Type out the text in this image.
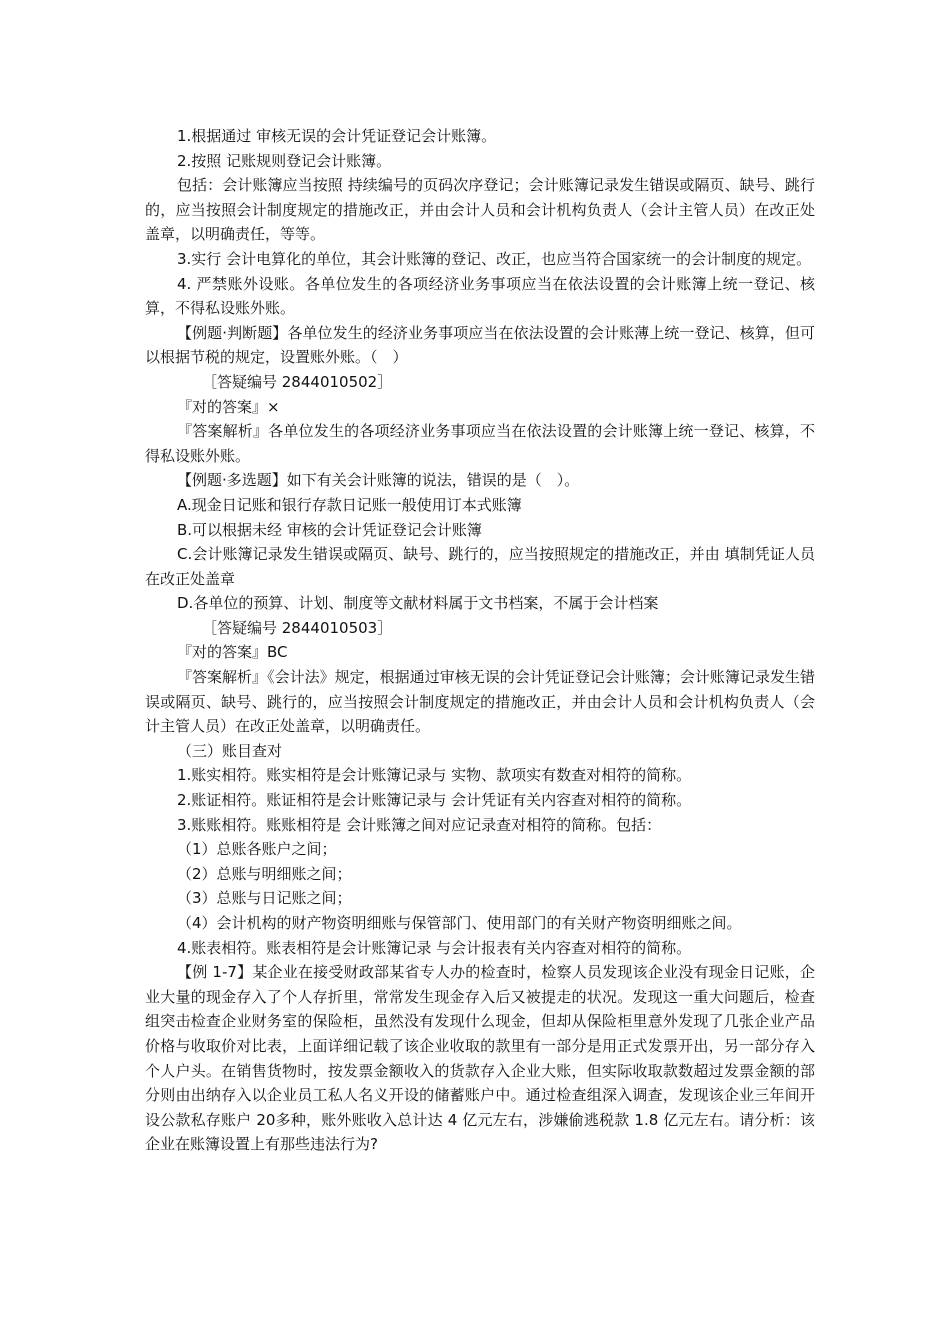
1.根据通过 审核无误的会计凭证登记会计账簿。

2.按照 记账规则登记会计账簿。

包括：会计账簿应当按照 持续编号的页码次序登记；会计账簿记录发生错误或隔页、缺号、跳行的，应当按照会计制度规定的措施改正，并由会计人员和会计机构负责人（会计主管人员）在改正处盖章，以明确责任，等等。

3.实行 会计电算化的单位，其会计账簿的登记、改正，也应当符合国家统一的会计制度的规定。

4. 严禁账外设账。各单位发生的各项经济业务事项应当在依法设置的会计账簿上统一登记、核算，不得私设账外账。

【例题·判断题】各单位发生的经济业务事项应当在依法设置的会计账薄上统一登记、核算，但可以根据节税的规定，设置账外账。（　）

［答疑编号 2844010502］

『对的答案』×

『答案解析』各单位发生的各项经济业务事项应当在依法设置的会计账簿上统一登记、核算，不得私设账外账。

【例题·多选题】如下有关会计账簿的说法，错误的是（　）。

A.现金日记账和银行存款日记账一般使用订本式账簿

B.可以根据未经 审核的会计凭证登记会计账簿

C.会计账簿记录发生错误或隔页、缺号、跳行的，应当按照规定的措施改正，并由 填制凭证人员在改正处盖章

D.各单位的预算、计划、制度等文献材料属于文书档案，不属于会计档案

［答疑编号 2844010503］

『对的答案』BC

『答案解析』《会计法》规定，根据通过审核无误的会计凭证登记会计账簿；会计账簿记录发生错误或隔页、缺号、跳行的，应当按照会计制度规定的措施改正，并由会计人员和会计机构负责人（会计主管人员）在改正处盖章，以明确责任。

（三）账目查对

1.账实相符。账实相符是会计账簿记录与 实物、款项实有数查对相符的简称。

2.账证相符。账证相符是会计账簿记录与 会计凭证有关内容查对相符的简称。

3.账账相符。账账相符是 会计账簿之间对应记录查对相符的简称。包括：

（1）总账各账户之间；

（2）总账与明细账之间；

（3）总账与日记账之间；

（4）会计机构的财产物资明细账与保管部门、使用部门的有关财产物资明细账之间。

4.账表相符。账表相符是会计账簿记录 与会计报表有关内容查对相符的简称。

【例 1-7】某企业在接受财政部某省专人办的检查时，检察人员发现该企业没有现金日记账，企业大量的现金存入了个人存折里，常常发生现金存入后又被提走的状况。发现这一重大问题后，检查组突击检查企业财务室的保险柜，虽然没有发现什么现金，但却从保险柜里意外发现了几张企业产品价格与收取价对比表，上面详细记载了该企业收取的款里有一部分是用正式发票开出，另一部分存入个人户头。在销售货物时，按发票金额收入的货款存入企业大账，但实际收取款数超过发票金额的部分则由出纳存入以企业员工私人名义开设的储蓄账户中。通过检查组深入调查，发现该企业三年间开设公款私存账户 20多种，账外账收入总计达 4 亿元左右，涉嫌偷逃税款 1.8 亿元左右。请分析：该企业在账簿设置上有那些违法行为?
